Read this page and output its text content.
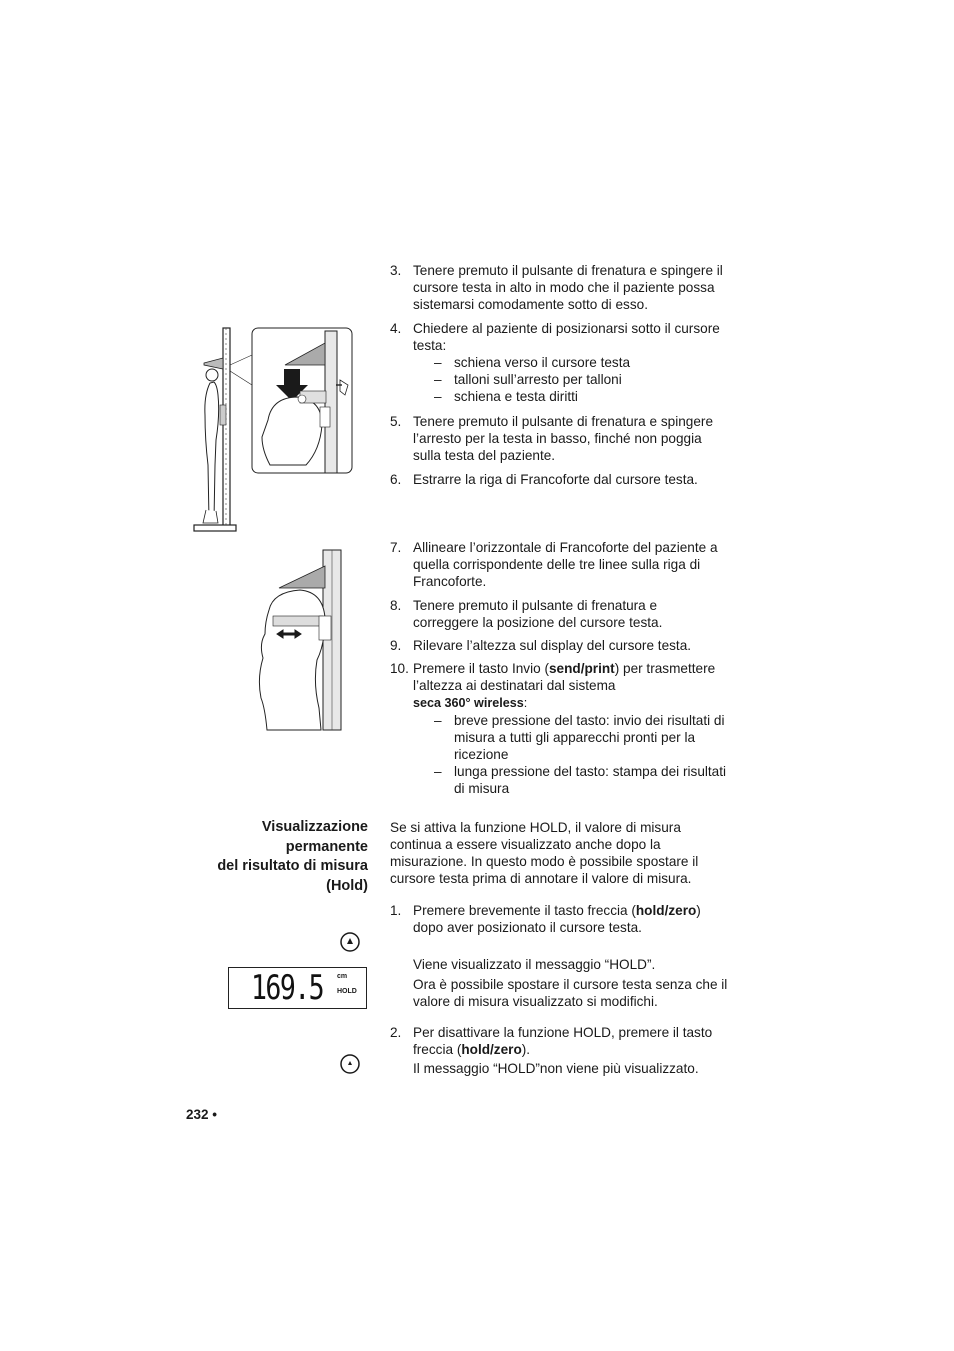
3. Tenere premuto il pulsante di frenatura e spingere il
cursore testa in alto in modo che il paziente possa
sistemarsi comodamente sotto di esso.
4. Chiedere al paziente di posizionarsi sotto il cursore
testa:
– schiena verso il cursore testa
– talloni sull’arresto per talloni
– schiena e testa diritti
5. Tenere premuto il pulsante di frenatura e spingere
l’arresto per la testa in basso, finché non poggia
sulla testa del paziente.
6. Estrarre la riga di Francoforte dal cursore testa.
7. Allineare l’orizzontale di Francoforte del paziente a
quella corrispondente delle tre linee sulla riga di
Francoforte.
8. Tenere premuto il pulsante di frenatura e
correggere la posizione del cursore testa.
9. Rilevare l’altezza sul display del cursore testa.
10. Premere il tasto Invio (send/print) per trasmettere
l’altezza ai destinatari dal sistema
seca 360° wireless:
– breve pressione del tasto: invio dei risultati di
misura a tutti gli apparecchi pronti per la
ricezione
– lunga pressione del tasto: stampa dei risultati
di misura
Visualizzazione
permanente
del risultato di misura
(Hold)
Se si attiva la funzione HOLD, il valore di misura
continua a essere visualizzato anche dopo la
misurazione. In questo modo è possibile spostare il
cursore testa prima di annotare il valore di misura.
1. Premere brevemente il tasto freccia (hold/zero)
dopo aver posizionato il cursore testa.
Viene visualizzato il messaggio “HOLD”.
Ora è possibile spostare il cursore testa senza che il
valore di misura visualizzato si modifichi.
2. Per disattivare la funzione HOLD, premere il tasto
freccia (hold/zero).
Il messaggio “HOLD”non viene più visualizzato.
169.5 cm
HOLD
232 •
